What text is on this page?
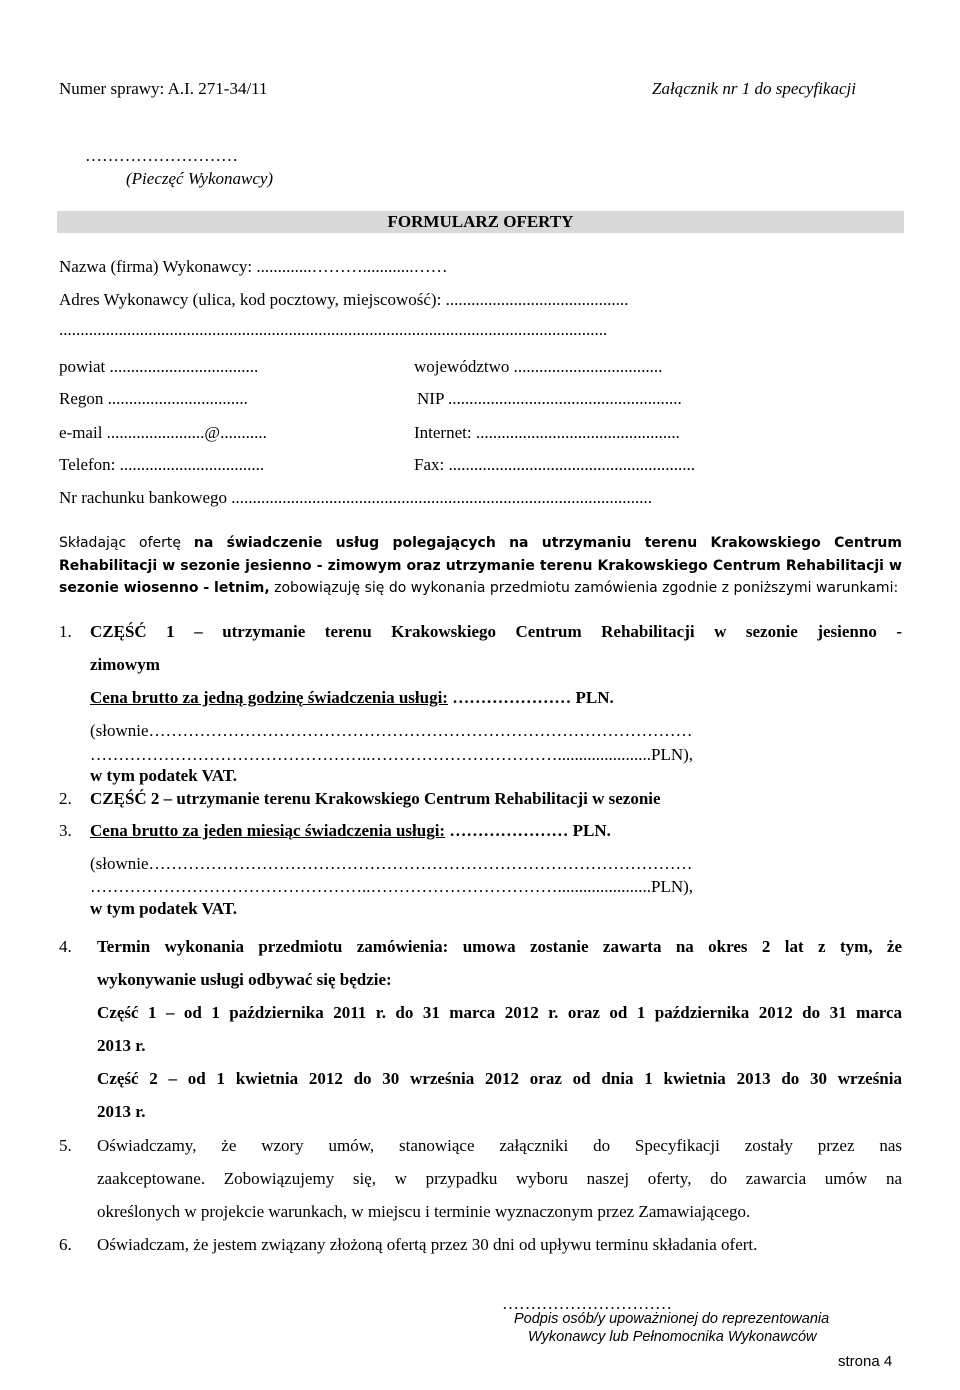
Numer sprawy: A.I. 271-34/11	Załącznik nr 1 do specyfikacji
………………………
(Pieczęć Wykonawcy)
FORMULARZ OFERTY
Nazwa (firma) Wykonawcy: .............………............……
Adres Wykonawcy (ulica, kod pocztowy, miejscowość): ...........................................
.................................................................................................................................
powiat ...................................	województwo ...................................
Regon .................................	NIP .......................................................
e-mail .......................@...........	Internet: ................................................
Telefon: ..................................	Fax: ..........................................................
Nr rachunku bankowego ...................................................................................................
Składając ofertę na świadczenie usług polegających na utrzymaniu terenu Krakowskiego Centrum Rehabilitacji w sezonie jesienno - zimowym oraz utrzymanie terenu Krakowskiego Centrum Rehabilitacji w sezonie wiosenno - letnim, zobowiązuję się do wykonania przedmiotu zamówienia zgodnie z poniższymi warunkami:
1. CZĘŚĆ 1 – utrzymanie terenu Krakowskiego Centrum Rehabilitacji w sezonie jesienno -
zimowym
Cena brutto za jedną godzinę świadczenia usługi: ………………… PLN.
(słownie……………………………………………………………………………………
…………………………………………..……………………………......................PLN),
w tym podatek VAT.
2. CZĘŚĆ 2 – utrzymanie terenu Krakowskiego Centrum Rehabilitacji w sezonie
3. Cena brutto za jeden miesiąc świadczenia usługi: ………………… PLN.
(słownie……………………………………………………………………………………
…………………………………………..……………………………......................PLN),
w tym podatek VAT.
4. Termin wykonania przedmiotu zamówienia: umowa zostanie zawarta na okres 2 lat z tym, że
wykonywanie usługi odbywać się będzie:
Część 1 – od 1 października 2011 r. do 31 marca 2012 r. oraz od 1 października 2012 do 31 marca
2013 r.
Część 2 – od 1 kwietnia 2012 do 30 września 2012 oraz od dnia 1 kwietnia 2013 do 30 września
2013 r.
5. Oświadczamy, że wzory umów, stanowiące załączniki do Specyfikacji zostały przez nas
zaakceptowane. Zobowiązujemy się, w przypadku wyboru naszej oferty, do zawarcia umów na
określonych w projekcie warunkach, w miejscu i terminie wyznaczonym przez Zamawiającego.
6. Oświadczam, że jestem związany złożoną ofertą przez 30 dni od upływu terminu składania ofert.
…………………………
Podpis osób/y upoważnionej do reprezentowania
Wykonawcy lub Pełnomocnika Wykonawców
strona 4
